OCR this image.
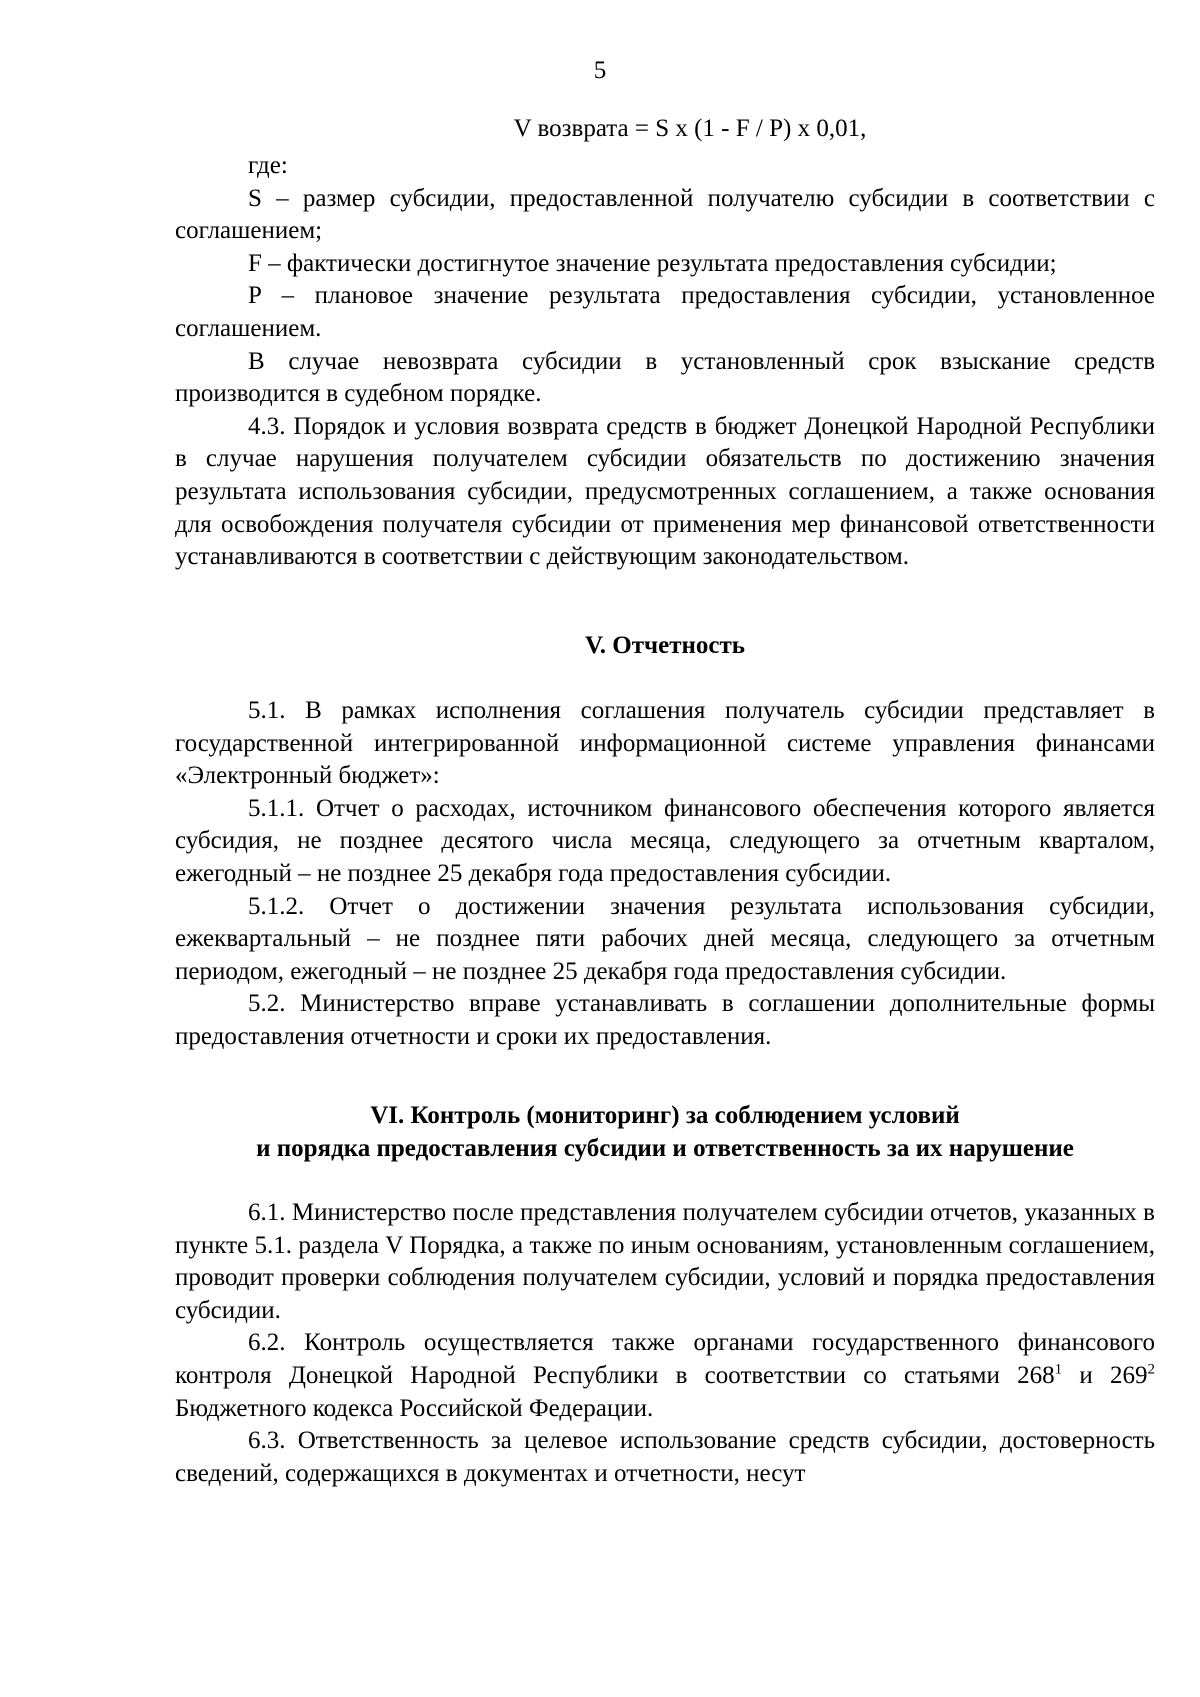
5
V возврата = S x (1 - F / P) x 0,01,

где:

S – размер субсидии, предоставленной получателю субсидии в соответствии с соглашением;

F – фактически достигнутое значение результата предоставления субсидии;

P – плановое значение результата предоставления субсидии, установленное соглашением.

В случае невозврата субсидии в установленный срок взыскание средств производится в судебном порядке.

4.3. Порядок и условия возврата средств в бюджет Донецкой Народной Республики в случае нарушения получателем субсидии обязательств по достижению значения результата использования субсидии, предусмотренных соглашением, а также основания для освобождения получателя субсидии от применения мер финансовой ответственности устанавливаются в соответствии с действующим законодательством.

V. Отчетность

5.1. В рамках исполнения соглашения получатель субсидии представляет в государственной интегрированной информационной системе управления финансами «Электронный бюджет»:

5.1.1. Отчет о расходах, источником финансового обеспечения которого является субсидия, не позднее десятого числа месяца, следующего за отчетным кварталом, ежегодный – не позднее 25 декабря года предоставления субсидии.

5.1.2. Отчет о достижении значения результата использования субсидии, ежеквартальный – не позднее пяти рабочих дней месяца, следующего за отчетным периодом, ежегодный – не позднее 25 декабря года предоставления субсидии.

5.2. Министерство вправе устанавливать в соглашении дополнительные формы предоставления отчетности и сроки их предоставления.

VI. Контроль (мониторинг) за соблюдением условий
и порядка предоставления субсидии и ответственность за их нарушение

6.1. Министерство после представления получателем субсидии отчетов, указанных в пункте 5.1. раздела V Порядка, а также по иным основаниям, установленным соглашением, проводит проверки соблюдения получателем субсидии, условий и порядка предоставления субсидии.

6.2. Контроль осуществляется также органами государственного финансового контроля Донецкой Народной Республики в соответствии со статьями $268^1$ и $269^2$ Бюджетного кодекса Российской Федерации.

6.3. Ответственность за целевое использование средств субсидии, достоверность сведений, содержащихся в документах и отчетности, несут
